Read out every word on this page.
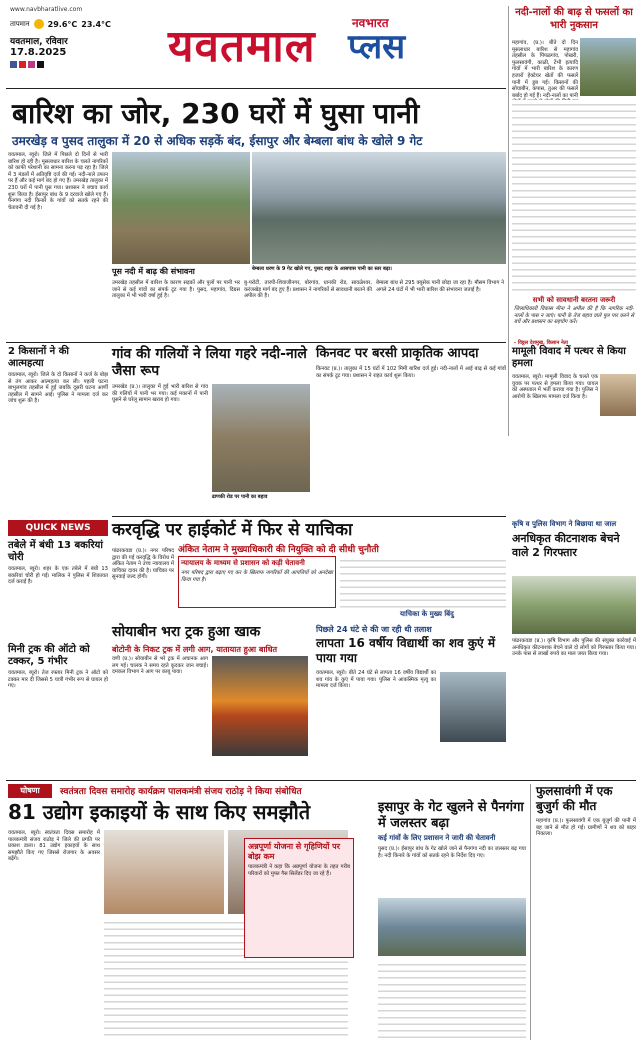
www.navbharatlive.com
तापमान 29.6°C 23.4°C
यवतमाल, रविवार
17.8.2025 यवतमाल	नवभारत
प्लस
नदी-नालों की बाढ़ से फसलों का भारी नुकसान
महागांव, (प्र.)। बीते दो दिन मूसलाधार बारिश से महागांव तहसील के पिंपळगांव, पोखरी, फुलसावंगी, काळी, टेंभी इत्यादि गांवों में भारी बारिश के कारण हजारों हेक्टेयर खेतों की फसलें पानी में डूब गईं। किसानों की सोयाबीन, कपास, तुअर की फसलें बर्बाद हो गई हैं। नदी-नालों का पानी
सभी को सावधानी बरतना जरूरी
जिलाधिकारी विकास मीना ने अपील की है कि नागरिक नदी-नालों के पास न जाएं। पानी के तेज बहाव वाले पुल पार करने से बचें और प्रशासन का सहयोग करें।
- विठ्ठल देशमुख, किसान नेता
बारिश का जोर, 230 घरों में घुसा पानी
उमरखेड़ व पुसद तालुका में 20 से अधिक सड़कें बंद, ईसापुर और बेम्बला बांध के खोले 9 गेट
यवतमाल, ब्यूरो। जिले में पिछले दो दिनों से भारी बारिश हो रही है। मूसलाधार बारिश के चलते नागरिकों को काफी परेशानी का सामना करना पड़ रहा है। जिले में 3 मंडलों में अतिवृष्टि दर्ज की गई। नदी-नाले उफान पर हैं और कई मार्ग बंद हो गए हैं। उमरखेड़ तालुका में 230 घरों में पानी घुस गया। प्रशासन ने बचाव कार्य शुरू किया है। ईसापुर बांध के 9 दरवाजे खोले गए हैं। पैनगंगा नदी किनारे के गांवों को सतर्क रहने की चेतावनी दी गई है।
पूस नदी में बाढ़ की संभावना	बेम्बला धरण के 9 गेट खोले गए, पुसद शहर के आसपास पानी का स्तर बढ़ा।
उमरखेड़ तहसील में बारिश के कारण सड़कों और पुलों पर पानी भर जाने से कई गांवों का संपर्क टूट गया है। पुसद, महागांव, दिग्रस तालुका में भी भारी वर्षा हुई है।
बु-परोटी, तारपी-शिवाजीनगर, बोरगांव, धानकी रोड, सावळेश्वर, करंजखेड़ मार्ग बंद हुए हैं। प्रशासन ने नागरिकों से सावधानी बरतने की अपील की है।
बेम्बला बांध से 295 क्यूसेक पानी छोड़ा जा रहा है। मौसम विभाग ने अगले 24 घंटों में भी भारी बारिश की संभावना जताई है।
2 किसानों ने की आत्महत्या
यवतमाल, ब्यूरो। जिले के दो किसानों ने कर्ज के बोझ से तंग आकर आत्महत्या कर ली। पहली घटना बाभुलगांव तहसील में हुई जबकि दूसरी घटना आर्णी तहसील में सामने आई। पुलिस ने मामला दर्ज कर जांच शुरू की है।
गांव की गलियों ने लिया गहरे नदी-नाले जैसा रूप
उमरखेड (प्र.)। तालुका में हुई भारी बारिश से गांव की गलियों में पानी भर गया। कई मकानों में पानी घुसने से घरेलू सामान खराब हो गया।
ढाणकी रोड पर पानी का बहाव
किनवट पर बरसी प्राकृतिक आपदा
किनवट (प्र.)। तालुका में 15 घंटों में 102 मिमी बारिश दर्ज हुई। नदी-नालों में आई बाढ़ से कई गांवों का संपर्क टूट गया। प्रशासन ने राहत कार्य शुरू किया।
मामूली विवाद में पत्थर से किया हमला
यवतमाल, ब्यूरो। मामूली विवाद के चलते एक युवक पर पत्थर से हमला किया गया। घायल को अस्पताल में भर्ती कराया गया है। पुलिस ने आरोपी के खिलाफ मामला दर्ज किया है।
QUICK NEWS
तबेले में बंधी 13 बकरियां चोरी
यवतमाल, ब्यूरो। शहर के एक तबेले में बंधी 13 बकरियां चोरी हो गईं। मालिक ने पुलिस में शिकायत दर्ज कराई है।
मिनी ट्रक की ऑटो को टक्कर, 5 गंभीर
यवतमाल, ब्यूरो। तेज रफ्तार मिनी ट्रक ने ऑटो को टक्कर मार दी जिससे 5 यात्री गंभीर रूप से घायल हो गए।
करवृद्धि पर हाईकोर्ट में फिर से याचिका
अंकित नेताम ने मुख्याधिकारी की नियुक्ति को दी सीधी चुनौती
पांढरकवडा (प्र.)। नगर परिषद द्वारा की गई करवृद्धि के विरोध में अंकित नेताम ने उच्च न्यायालय में याचिका दायर की है। याचिका पर सुनवाई जल्द होगी।
न्यायालय के माध्यम से प्रशासन को कड़ी चेतावनी
नगर परिषद द्वारा बढ़ाए गए कर के खिलाफ नागरिकों की आपत्तियों को अनदेखा किया गया है।
याचिका के मुख्य बिंदु
सोयाबीन भरा ट्रक हुआ खाक
बोटोनी के निकट ट्रक में लगी आग, यातायात हुआ बाधित
वणी (प्र.)। सोयाबीन से भरे ट्रक में अचानक आग लग गई। चालक ने समय रहते कूदकर जान बचाई। दमकल विभाग ने आग पर काबू पाया।
पिछले 24 घंटे से की जा रही थी तलाश
लापता 16 वर्षीय विद्यार्थी का शव कुएं में पाया गया
यवतमाल, ब्यूरो। बीते 24 घंटे से लापता 16 वर्षीय विद्यार्थी का शव गांव के कुएं में पाया गया। पुलिस ने आकस्मिक मृत्यु का मामला दर्ज किया।
कृषि व पुलिस विभाग ने बिछाया था जाल
अनधिकृत कीटनाशक बेचने वाले 2 गिरफ्तार
पांढरकवडा (प्र.)। कृषि विभाग और पुलिस की संयुक्त कार्रवाई में अनधिकृत कीटनाशक बेचने वाले दो लोगों को गिरफ्तार किया गया। उनके पास से लाखों रुपये का माल जब्त किया गया।
घोषणा	स्वतंत्रता दिवस समारोह कार्यक्रम पालकमंत्री संजय राठोड़ ने किया संबोधित
81 उद्योग इकाइयों के साथ किए समझौते
यवतमाल, ब्यूरो। स्वतंत्रता दिवस समारोह में पालकमंत्री संजय राठोड़ ने जिले की प्रगति पर प्रकाश डाला। 81 उद्योग इकाइयों के साथ समझौते किए गए जिससे रोजगार के अवसर बढ़ेंगे।
अन्नपूर्णा योजना से गृहिणियों पर बोझ कम
पालकमंत्री ने कहा कि अन्नपूर्णा योजना के तहत गरीब परिवारों को मुफ्त गैस सिलेंडर दिए जा रहे हैं।
इसापुर के गेट खुलने से पैनगंगा में जलस्तर बढ़ा
कई गांवों के लिए प्रशासन ने जारी की चेतावनी
पुसद (प्र.)। ईसापुर बांध के गेट खोले जाने से पैनगंगा नदी का जलस्तर बढ़ गया है। नदी किनारे के गांवों को सतर्क रहने के निर्देश दिए गए।
फुलसावंगी में एक बुजुर्ग की मौत
महागांव (प्र.)। फुलसावंगी में एक बुजुर्ग की पानी में बह जाने से मौत हो गई। ग्रामीणों ने शव को बाहर निकाला।
